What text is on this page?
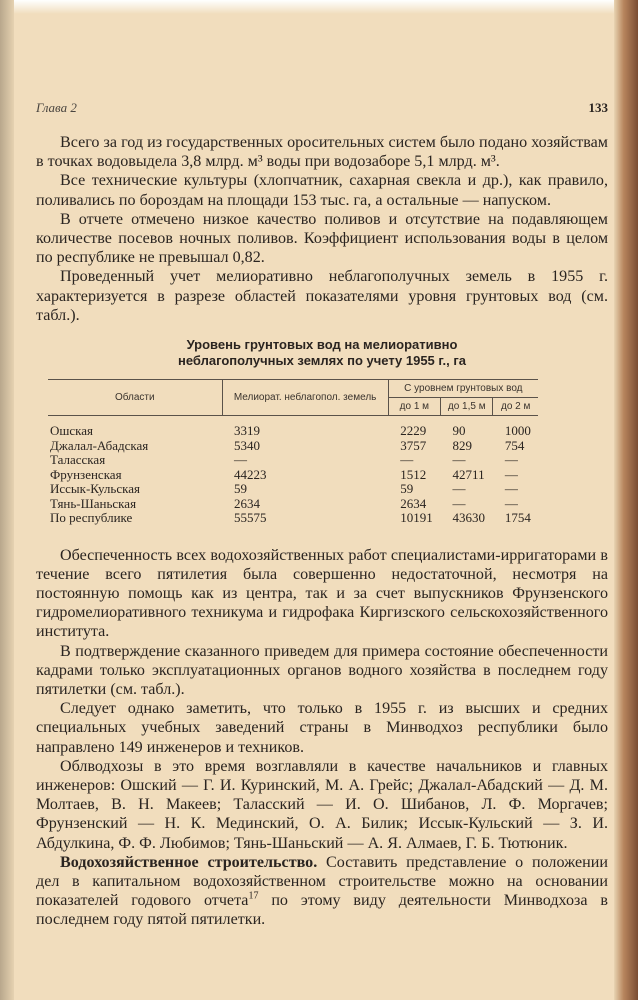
Глава 2	133

Всего за год из государственных оросительных систем было подано хозяйствам в точках водовыдела 3,8 млрд. м³ воды при водозаборе 5,1 млрд. м³.

Все технические культуры (хлопчатник, сахарная свекла и др.), как правило, поливались по бороздам на площади 153 тыс. га, а остальные — напуском.

В отчете отмечено низкое качество поливов и отсутствие на подавляющем количестве посевов ночных поливов. Коэффициент использования воды в целом по республике не превышал 0,82.

Проведенный учет мелиоративно неблагополучных земель в 1955 г. характеризуется в разрезе областей показателями уровня грунтовых вод (см. табл.).

Уровень грунтовых вод на мелиоративно
неблагополучных землях по учету 1955 г., га
Области	Мелиорат. неблагопол. земель	С уровнем грунтовых вод		
		до 1 м	до 1,5 м	до 2 м
Ошская	3319	2229	90	1000
Джалал-Абадская	5340	3757	829	754
Таласская	—	—	—	—
Фрунзенская	44223	1512	42711	—
Иссык-Кульская	59	59	—	—
Тянь-Шаньская	2634	2634	—	—
По республике	55575	10191	43630	1754

Обеспеченность всех водохозяйственных работ специалистами-ирригаторами в течение всего пятилетия была совершенно недостаточной, несмотря на постоянную помощь как из центра, так и за счет выпускников Фрунзенского гидромелиоративного техникума и гидрофака Киргизского сельскохозяйственного института.

В подтверждение сказанного приведем для примера состояние обеспеченности кадрами только эксплуатационных органов водного хозяйства в последнем году пятилетки (см. табл.).

Следует однако заметить, что только в 1955 г. из высших и средних специальных учебных заведений страны в Минводхоз республики было направлено 149 инженеров и техников.

Облводхозы в это время возглавляли в качестве начальников и главных инженеров: Ошский — Г. И. Куринский, М. А. Грейс; Джалал-Абадский — Д. М. Молтаев, В. Н. Макеев; Таласский — И. О. Шибанов, Л. Ф. Моргачев; Фрунзенский — Н. К. Мединский, О. А. Билик; Иссык-Кульский — З. И. Абдулкина, Ф. Ф. Любимов; Тянь-Шаньский — А. Я. Алмаев, Г. Б. Тютюник.

Водохозяйственное строительство. Составить представление о положении дел в капитальном водохозяйственном строительстве можно на основании показателей годового отчета$^{17}$ по этому виду деятельности Минводхоза в последнем году пятой пятилетки.
